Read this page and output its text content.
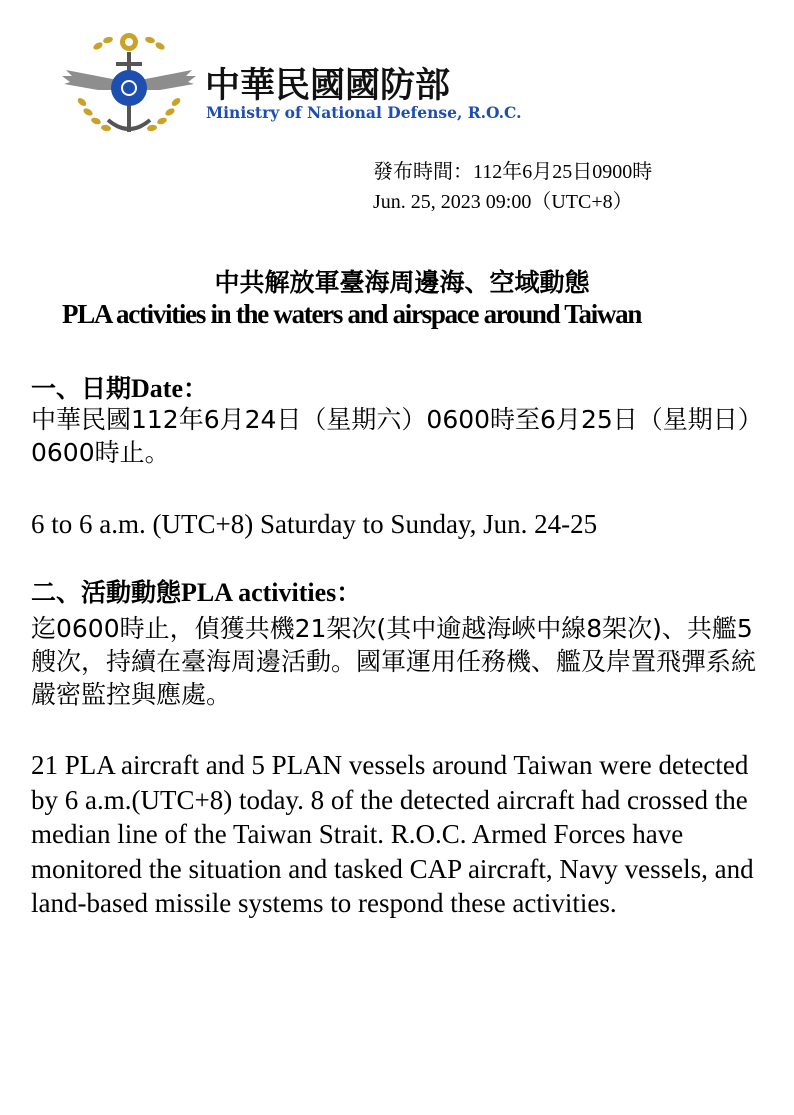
中華民國國防部
Ministry of National Defense, R.O.C.
發布時間：112年6月25日0900時
Jun. 25, 2023 09:00（UTC+8）
中共解放軍臺海周邊海、空域動態
PLA activities in the waters and airspace around Taiwan
一、日期Date：
中華民國112年6月24日（星期六）0600時至6月25日（星期日）0600時止。
6 to 6 a.m. (UTC+8) Saturday to Sunday, Jun. 24-25
二、活動動態PLA activities：
迄0600時止，偵獲共機21架次(其中逾越海峽中線8架次)、共艦5艘次，持續在臺海周邊活動。國軍運用任務機、艦及岸置飛彈系統嚴密監控與應處。
21 PLA aircraft and 5 PLAN vessels around Taiwan were detected by 6 a.m.(UTC+8) today. 8 of the detected aircraft had crossed the median line of the Taiwan Strait. R.O.C. Armed Forces have monitored the situation and tasked CAP aircraft, Navy vessels, and land-based missile systems to respond these activities.
